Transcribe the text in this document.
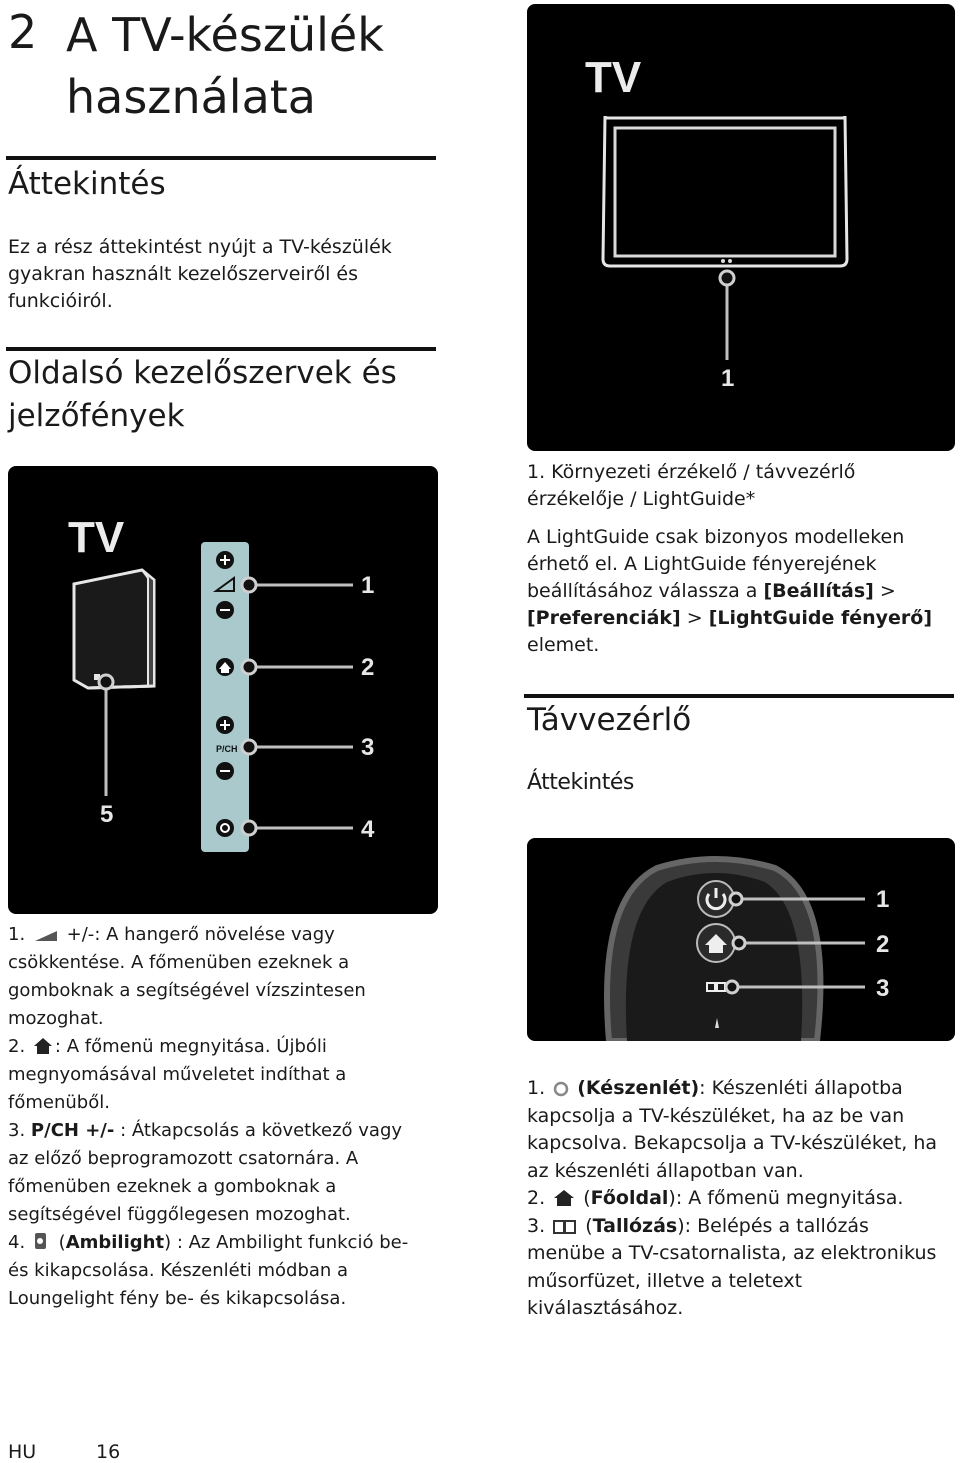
2 A TV-készülék használata
Áttekintés
Ez a rész áttekintést nyújt a TV-készülék gyakran használt kezelőszerveiről és funkcióiról.
Oldalsó kezelőszervek és jelzőfények
P/CH
TV
1
2
3
4
5
1. +/-: A hangerő növelése vagy csökkentése. A főmenüben ezeknek a gomboknak a segítségével vízszintesen mozoghat.
2. : A főmenü megnyitása. Újbóli megnyomásával műveletet indíthat a főmenüből.
3. P/CH +/- : Átkapcsolás a következő vagy az előző beprogramozott csatornára. A főmenüben ezeknek a gomboknak a segítségével függőlegesen mozoghat.
4. (Ambilight) : Az Ambilight funkció be- és kikapcsolása. Készenléti módban a Loungelight fény be- és kikapcsolása.
TV
1
1. Környezeti érzékelő / távvezérlő érzékelője / LightGuide*
A LightGuide csak bizonyos modelleken érhető el. A LightGuide fényerejének beállításához válassza a [Beállítás] > [Preferenciák] > [LightGuide fényerő] elemet.
Távvezérlő
Áttekintés
1
2
3
1. (Készenlét): Készenléti állapotba kapcsolja a TV-készüléket, ha az be van kapcsolva. Bekapcsolja a TV-készüléket, ha az készenléti állapotban van.
2.  (Főoldal): A főmenü megnyitása.
3.  (Tallózás): Belépés a tallózás menübe a TV-csatornalista, az elektronikus műsorfüzet, illetve a teletext kiválasztásához.
HU	16
